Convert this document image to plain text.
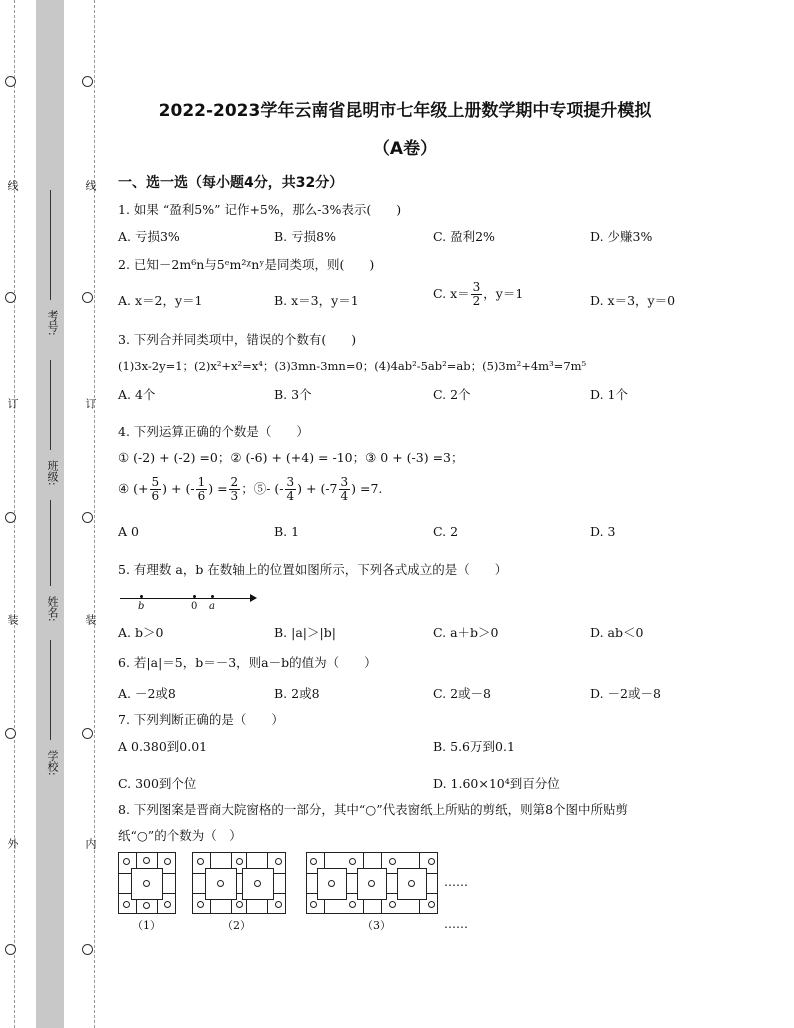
线
订
装
外
线
订
装
内
考号:
班级:
姓名:
学校:
2022-2023学年云南省昆明市七年级上册数学期中专项提升模拟
（A卷）
一、选一选（每小题4分，共32分）
1. 如果 “盈利5%” 记作+5%，那么-3%表示(　　)
A. 亏损3%	B. 亏损8%	C. 盈利2%	D. 少赚3%
2. 已知－2m⁶n与5ᵉm²ᵡnʸ是同类项，则(　　)
A. x＝2，y＝1	B. x＝3，y＝1	C. $x= \frac{3}{2}$ ，y＝1	D. x＝3，y＝0
3. 下列合并同类项中，错误的个数有(　　)
(1)3x-2y=1；(2)x²+x²=x⁴；(3)3mn-3mn=0；(4)4ab²-5ab²=ab；(5)3m²+4m³=7m⁵
A. 4个	B. 3个	C. 2个	D. 1个
4. 下列运算正确的个数是（　　）
① (-2) + (-2) =0；② (-6) + (+4) = -10；③ 0 + (-3) =3；
④ (+ $\frac{5}{6}$ ) + (- $\frac{1}{6}$ ) = $\frac{2}{3}$ ；⑤- (- $\frac{3}{4}$ ) + ($-7 \frac{3}{4}$ ) =7.
A 0	B. 1	C. 2	D. 3
5. 有理数 a，b 在数轴上的位置如图所示，下列各式成立的是（　　）
b	0 a
A. b＞0	B. |a|＞|b|	C. a＋b＞0	D. ab＜0
6. 若|a|＝5，b＝－3，则a－b的值为（　　）
A. －2或8	B. 2或8	C. 2或－8	D. －2或－8
7. 下列判断正确的是（　　）
A 0.380到0.01	B. 5.6万到0.1
C. 300到个位	D. 1.60×10⁴到百分位
8. 下列图案是晋商大院窗格的一部分，其中“○”代表窗纸上所贴的剪纸，则第8个图中所贴剪
纸“○”的个数为（　）
（1）	（2）
……
（3）	……
